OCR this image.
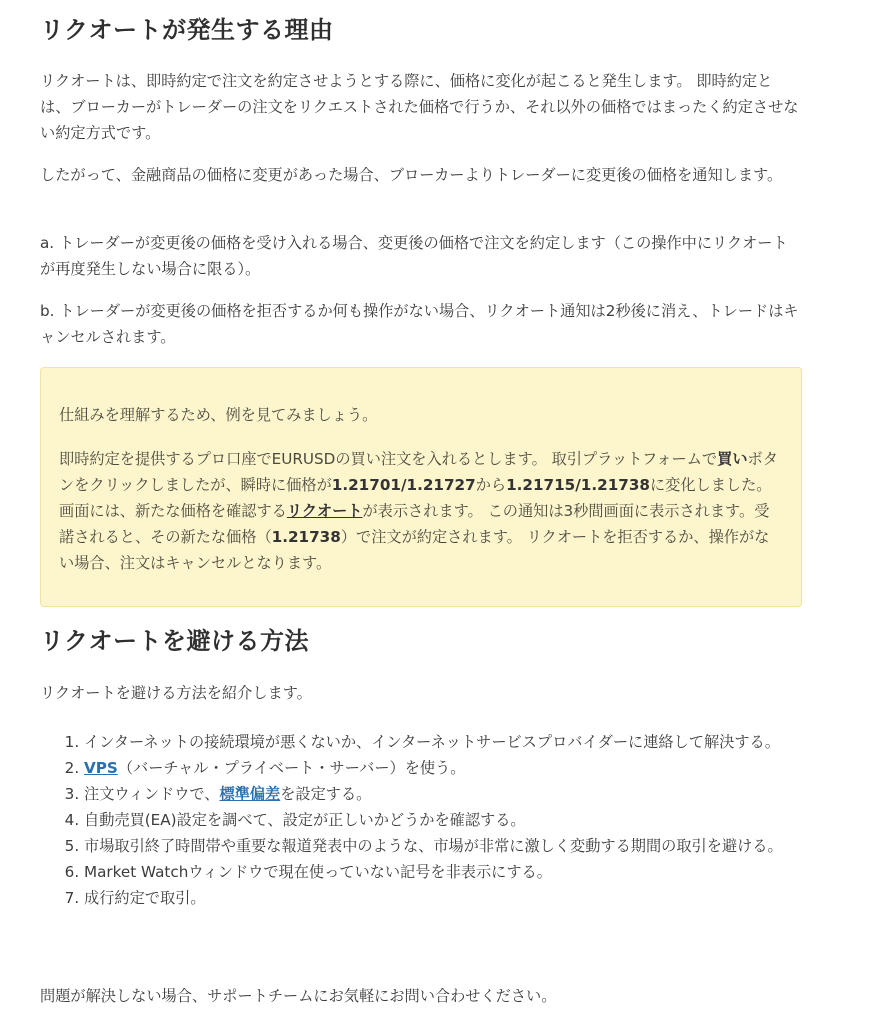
リクオートが発生する理由

リクオートは、即時約定で注文を約定させようとする際に、価格に変化が起こると発生します。 即時約定とは、ブローカーがトレーダーの注文をリクエストされた価格で行うか、それ以外の価格ではまったく約定させない約定方式です。

したがって、金融商品の価格に変更があった場合、ブローカーよりトレーダーに変更後の価格を通知します。

a. トレーダーが変更後の価格を受け入れる場合、変更後の価格で注文を約定します（この操作中にリクオートが再度発生しない場合に限る）。

b. トレーダーが変更後の価格を拒否するか何も操作がない場合、リクオート通知は2秒後に消え、トレードはキャンセルされます。

仕組みを理解するため、例を見てみましょう。

即時約定を提供するプロ口座でEURUSDの買い注文を入れるとします。 取引プラットフォームで買いボタンをクリックしましたが、瞬時に価格が1.21701/1.21727から1.21715/1.21738に変化しました。 画面には、新たな価格を確認するリクオートが表示されます。 この通知は3秒間画面に表示されます。受諾されると、その新たな価格（1.21738）で注文が約定されます。 リクオートを拒否するか、操作がない場合、注文はキャンセルとなります。

リクオートを避ける方法

リクオートを避ける方法を紹介します。

1. インターネットの接続環境が悪くないか、インターネットサービスプロバイダーに連絡して解決する。
2. VPS（バーチャル・プライベート・サーバー）を使う。
3. 注文ウィンドウで、標準偏差を設定する。
4. 自動売買(EA)設定を調べて、設定が正しいかどうかを確認する。
5. 市場取引終了時間帯や重要な報道発表中のような、市場が非常に激しく変動する期間の取引を避ける。
6. Market Watchウィンドウで現在使っていない記号を非表示にする。
7. 成行約定で取引。

問題が解決しない場合、サポートチームにお気軽にお問い合わせください。
